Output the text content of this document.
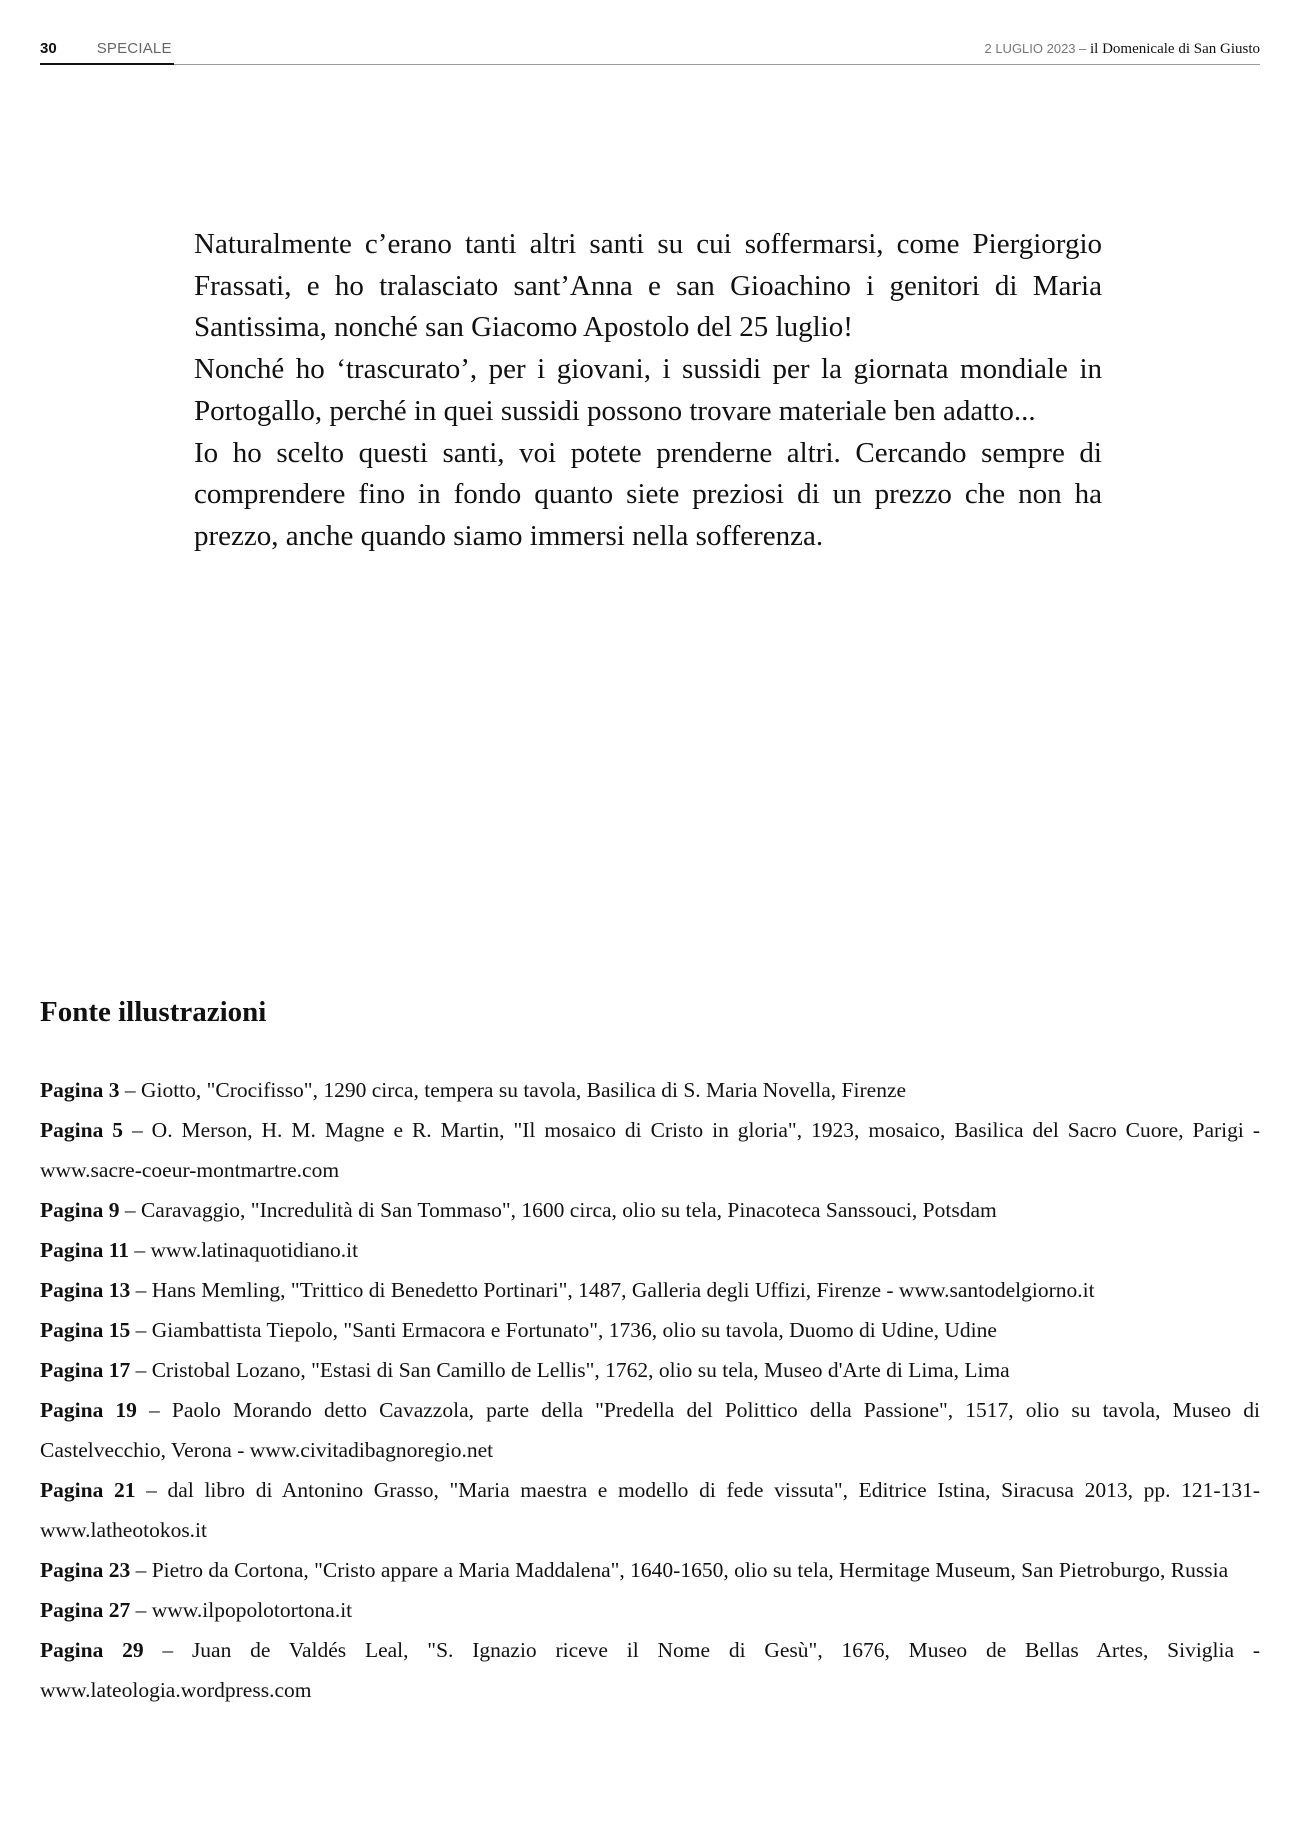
30	SPECIALE	2 LUGLIO 2023 – il Domenicale di San Giusto

Naturalmente c’erano tanti altri santi su cui soffermarsi, come Piergiorgio Frassati, e ho tralasciato sant’Anna e san Gioachino i genitori di Maria Santissima, nonché san Giacomo Apostolo del 25 luglio!

Nonché ho ‘trascurato’, per i giovani, i sussidi per la giornata mondiale in Portogallo, perché in quei sussidi possono trovare materiale ben adatto...

Io ho scelto questi santi, voi potete prenderne altri. Cercando sempre di comprendere fino in fondo quanto siete preziosi di un prezzo che non ha prezzo, anche quando siamo immersi nella sofferenza.

Fonte illustrazioni
Pagina 3 – Giotto, "Crocifisso", 1290 circa, tempera su tavola, Basilica di S. Maria Novella, Firenze
Pagina 5 – O. Merson, H. M. Magne e R. Martin, "Il mosaico di Cristo in gloria", 1923, mosaico, Basilica del Sacro Cuore, Parigi - www.sacre-coeur-montmartre.com
Pagina 9 – Caravaggio, "Incredulità di San Tommaso", 1600 circa, olio su tela, Pinacoteca Sanssouci, Potsdam
Pagina 11 – www.latinaquotidiano.it
Pagina 13 – Hans Memling, "Trittico di Benedetto Portinari", 1487, Galleria degli Uffizi, Firenze - www.santodelgiorno.it
Pagina 15 – Giambattista Tiepolo, "Santi Ermacora e Fortunato", 1736, olio su tavola, Duomo di Udine, Udine
Pagina 17 – Cristobal Lozano, "Estasi di San Camillo de Lellis", 1762, olio su tela, Museo d'Arte di Lima, Lima
Pagina 19 – Paolo Morando detto Cavazzola, parte della "Predella del Polittico della Passione", 1517, olio su tavola, Museo di Castelvecchio, Verona - www.civitadibagnoregio.net
Pagina 21 – dal libro di Antonino Grasso, "Maria maestra e modello di fede vissuta", Editrice Istina, Siracusa 2013, pp. 121-131- www.latheotokos.it
Pagina 23 – Pietro da Cortona, "Cristo appare a Maria Maddalena", 1640-1650, olio su tela, Hermitage Museum, San Pietroburgo, Russia
Pagina 27 – www.ilpopolotortona.it
Pagina 29 – Juan de Valdés Leal, "S. Ignazio riceve il Nome di Gesù", 1676, Museo de Bellas Artes, Siviglia - www.lateologia.wordpress.com
